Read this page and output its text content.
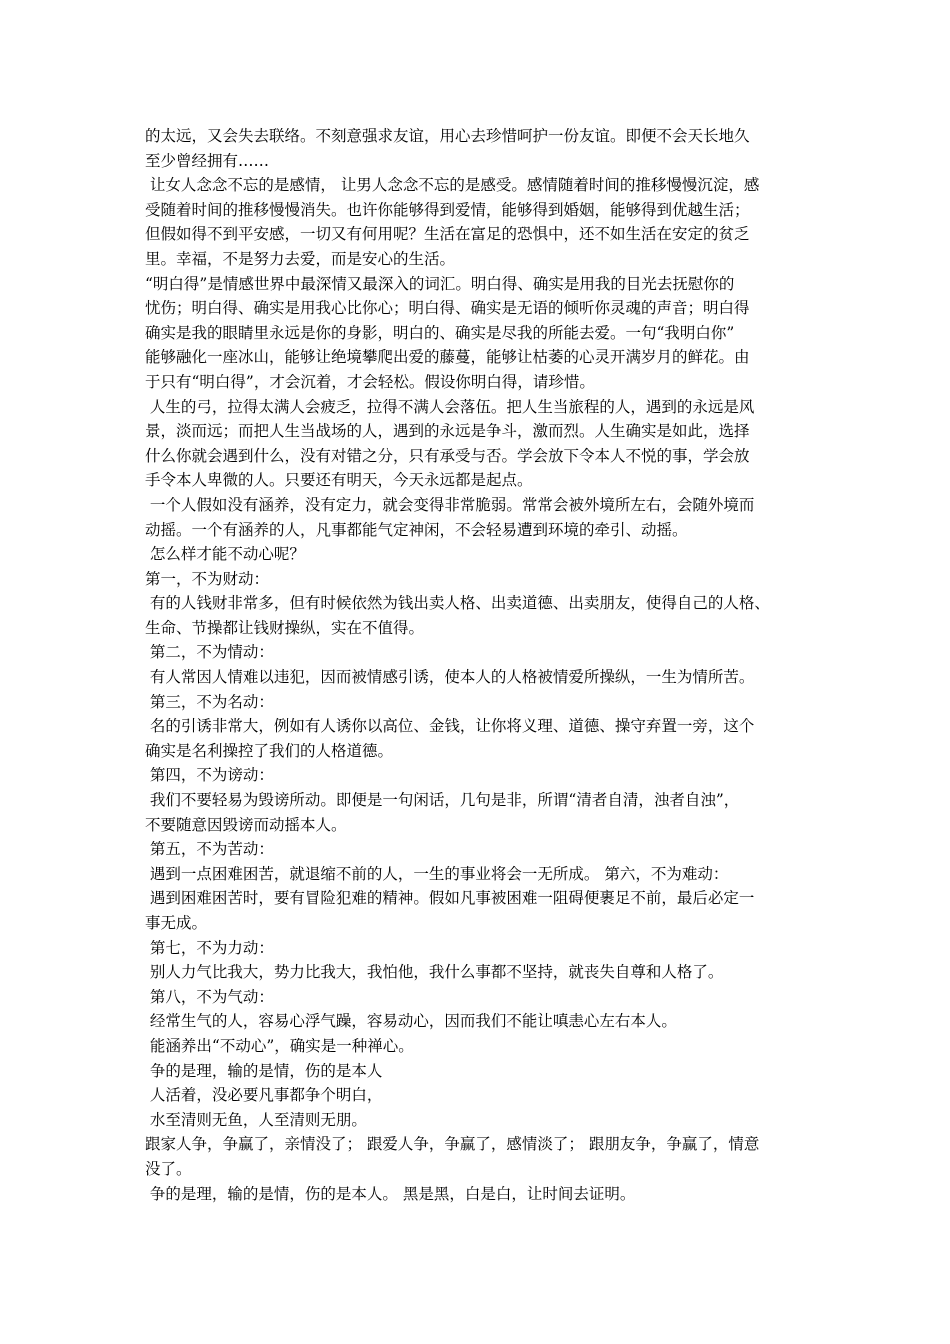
的太远，又会失去联络。不刻意强求友谊，用心去珍惜呵护一份友谊。即便不会天长地久
至少曾经拥有……
让女人念念不忘的是感情， 让男人念念不忘的是感受。感情随着时间的推移慢慢沉淀，感
受随着时间的推移慢慢消失。也许你能够得到爱情，能够得到婚姻，能够得到优越生活；
但假如得不到平安感，一切又有何用呢？生活在富足的恐惧中，还不如生活在安定的贫乏
里。幸福，不是努力去爱，而是安心的生活。
“明白得”是情感世界中最深情又最深入的词汇。明白得、确实是用我的目光去抚慰你的
忧伤；明白得、确实是用我心比你心；明白得、确实是无语的倾听你灵魂的声音；明白得
确实是我的眼睛里永远是你的身影，明白的、确实是尽我的所能去爱。一句“我明白你”
能够融化一座冰山，能够让绝境攀爬出爱的藤蔓，能够让枯萎的心灵开满岁月的鲜花。由
于只有“明白得”，才会沉着，才会轻松。假设你明白得，请珍惜。
人生的弓，拉得太满人会疲乏，拉得不满人会落伍。把人生当旅程的人，遇到的永远是风
景，淡而远；而把人生当战场的人，遇到的永远是争斗，激而烈。人生确实是如此，选择
什么你就会遇到什么，没有对错之分，只有承受与否。学会放下令本人不悦的事，学会放
手令本人卑微的人。只要还有明天，今天永远都是起点。
一个人假如没有涵养，没有定力，就会变得非常脆弱。常常会被外境所左右，会随外境而
动摇。一个有涵养的人，凡事都能气定神闲，不会轻易遭到环境的牵引、动摇。
怎么样才能不动心呢？
第一，不为财动：
有的人钱财非常多，但有时候依然为钱出卖人格、出卖道德、出卖朋友，使得自己的人格、
生命、节操都让钱财操纵，实在不值得。
第二，不为情动：
有人常因人情难以违犯，因而被情感引诱，使本人的人格被情爱所操纵，一生为情所苦。
第三，不为名动：
名的引诱非常大，例如有人诱你以高位、金钱，让你将义理、道德、操守弃置一旁，这个
确实是名利操控了我们的人格道德。
第四，不为谤动：
我们不要轻易为毁谤所动。即便是一句闲话，几句是非，所谓“清者自清，浊者自浊”，
不要随意因毁谤而动摇本人。
第五，不为苦动：
遇到一点困难困苦，就退缩不前的人，一生的事业将会一无所成。 第六，不为难动：
遇到困难困苦时，要有冒险犯难的精神。假如凡事被困难一阻碍便裹足不前，最后必定一
事无成。
第七，不为力动：
别人力气比我大，势力比我大，我怕他，我什么事都不坚持，就丧失自尊和人格了。
第八，不为气动：
经常生气的人，容易心浮气躁，容易动心，因而我们不能让嗔恚心左右本人。
能涵养出“不动心”，确实是一种禅心。
争的是理，输的是情，伤的是本人
人活着，没必要凡事都争个明白，
水至清则无鱼，人至清则无朋。
跟家人争，争赢了，亲情没了； 跟爱人争，争赢了，感情淡了； 跟朋友争，争赢了，情意
没了。
争的是理，输的是情，伤的是本人。 黑是黑，白是白，让时间去证明。
